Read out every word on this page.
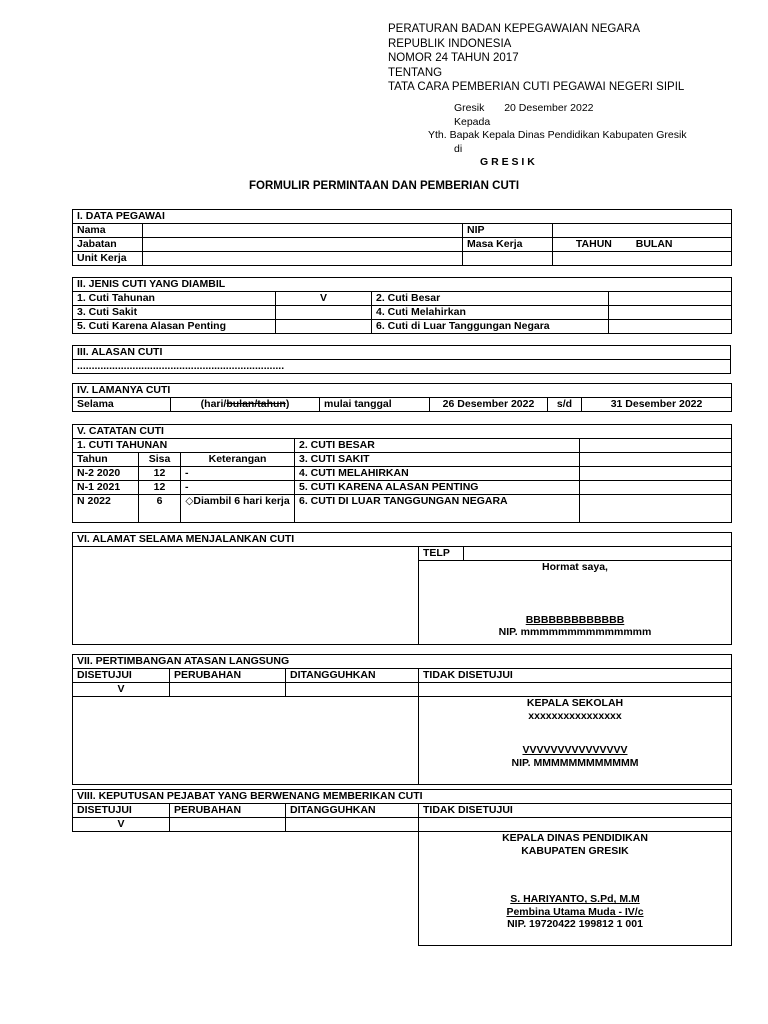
PERATURAN BADAN KEPEGAWAIAN NEGARA
REPUBLIK INDONESIA
NOMOR 24 TAHUN 2017
TENTANG
TATA CARA PEMBERIAN CUTI PEGAWAI NEGERI SIPIL
Gresik 20 Desember 2022
Kepada
Yth. Bapak Kepala Dinas Pendidikan Kabupaten Gresik
di
G R E S I K
FORMULIR PERMINTAAN DAN PEMBERIAN CUTI
I. DATA PEGAWAI			
Nama		NIP	
Jabatan		Masa Kerja	TAHUN BULAN
Unit Kerja			
II. JENIS CUTI YANG DIAMBIL			
1. Cuti Tahunan	V	2. Cuti Besar	
3. Cuti Sakit		4. Cuti Melahirkan	
5. Cuti Karena Alasan Penting		6. Cuti di Luar Tanggungan Negara	
III. ALASAN CUTI
.......................................................................
IV. LAMANYA CUTI
Selama	(hari/bulan/tahun)	mulai tanggal	26 Desember 2022	s/d	31 Desember 2022
V. CATATAN CUTI				
1. CUTI TAHUNAN			2. CUTI BESAR	
Tahun	Sisa	Keterangan	3. CUTI SAKIT	
N-2 2020	12	-	4. CUTI MELAHIRKAN	
N-1 2021	12	-	5. CUTI KARENA ALASAN PENTING	
N 2022	6	◇Diambil 6 hari kerja	6. CUTI DI LUAR TANGGUNGAN NEGARA	
VI. ALAMAT SELAMA MENJALANKAN CUTI
	TELP	

Hormat saya,
BBBBBBBBBBBBB
NIP. mmmmmmmmmmmmmm
VII. PERTIMBANGAN ATASAN LANGSUNG			
DISETUJUI	PERUBAHAN	DITANGGUHKAN	TIDAK DISETUJUI
V			

			KEPALA SEKOLAH
xxxxxxxxxxxxxxxx
VVVVVVVVVVVVVVV
NIP. MMMMMMMMMMMM
VIII. KEPUTUSAN PEJABAT YANG BERWENANG MEMBERIKAN CUTI			
DISETUJUI	PERUBAHAN	DITANGGUHKAN	TIDAK DISETUJUI
V			

			KEPALA DINAS PENDIDIKAN
KABUPATEN GRESIK
S. HARIYANTO, S.Pd, M.M
Pembina Utama Muda - IV/c
NIP. 19720422 199812 1 001
